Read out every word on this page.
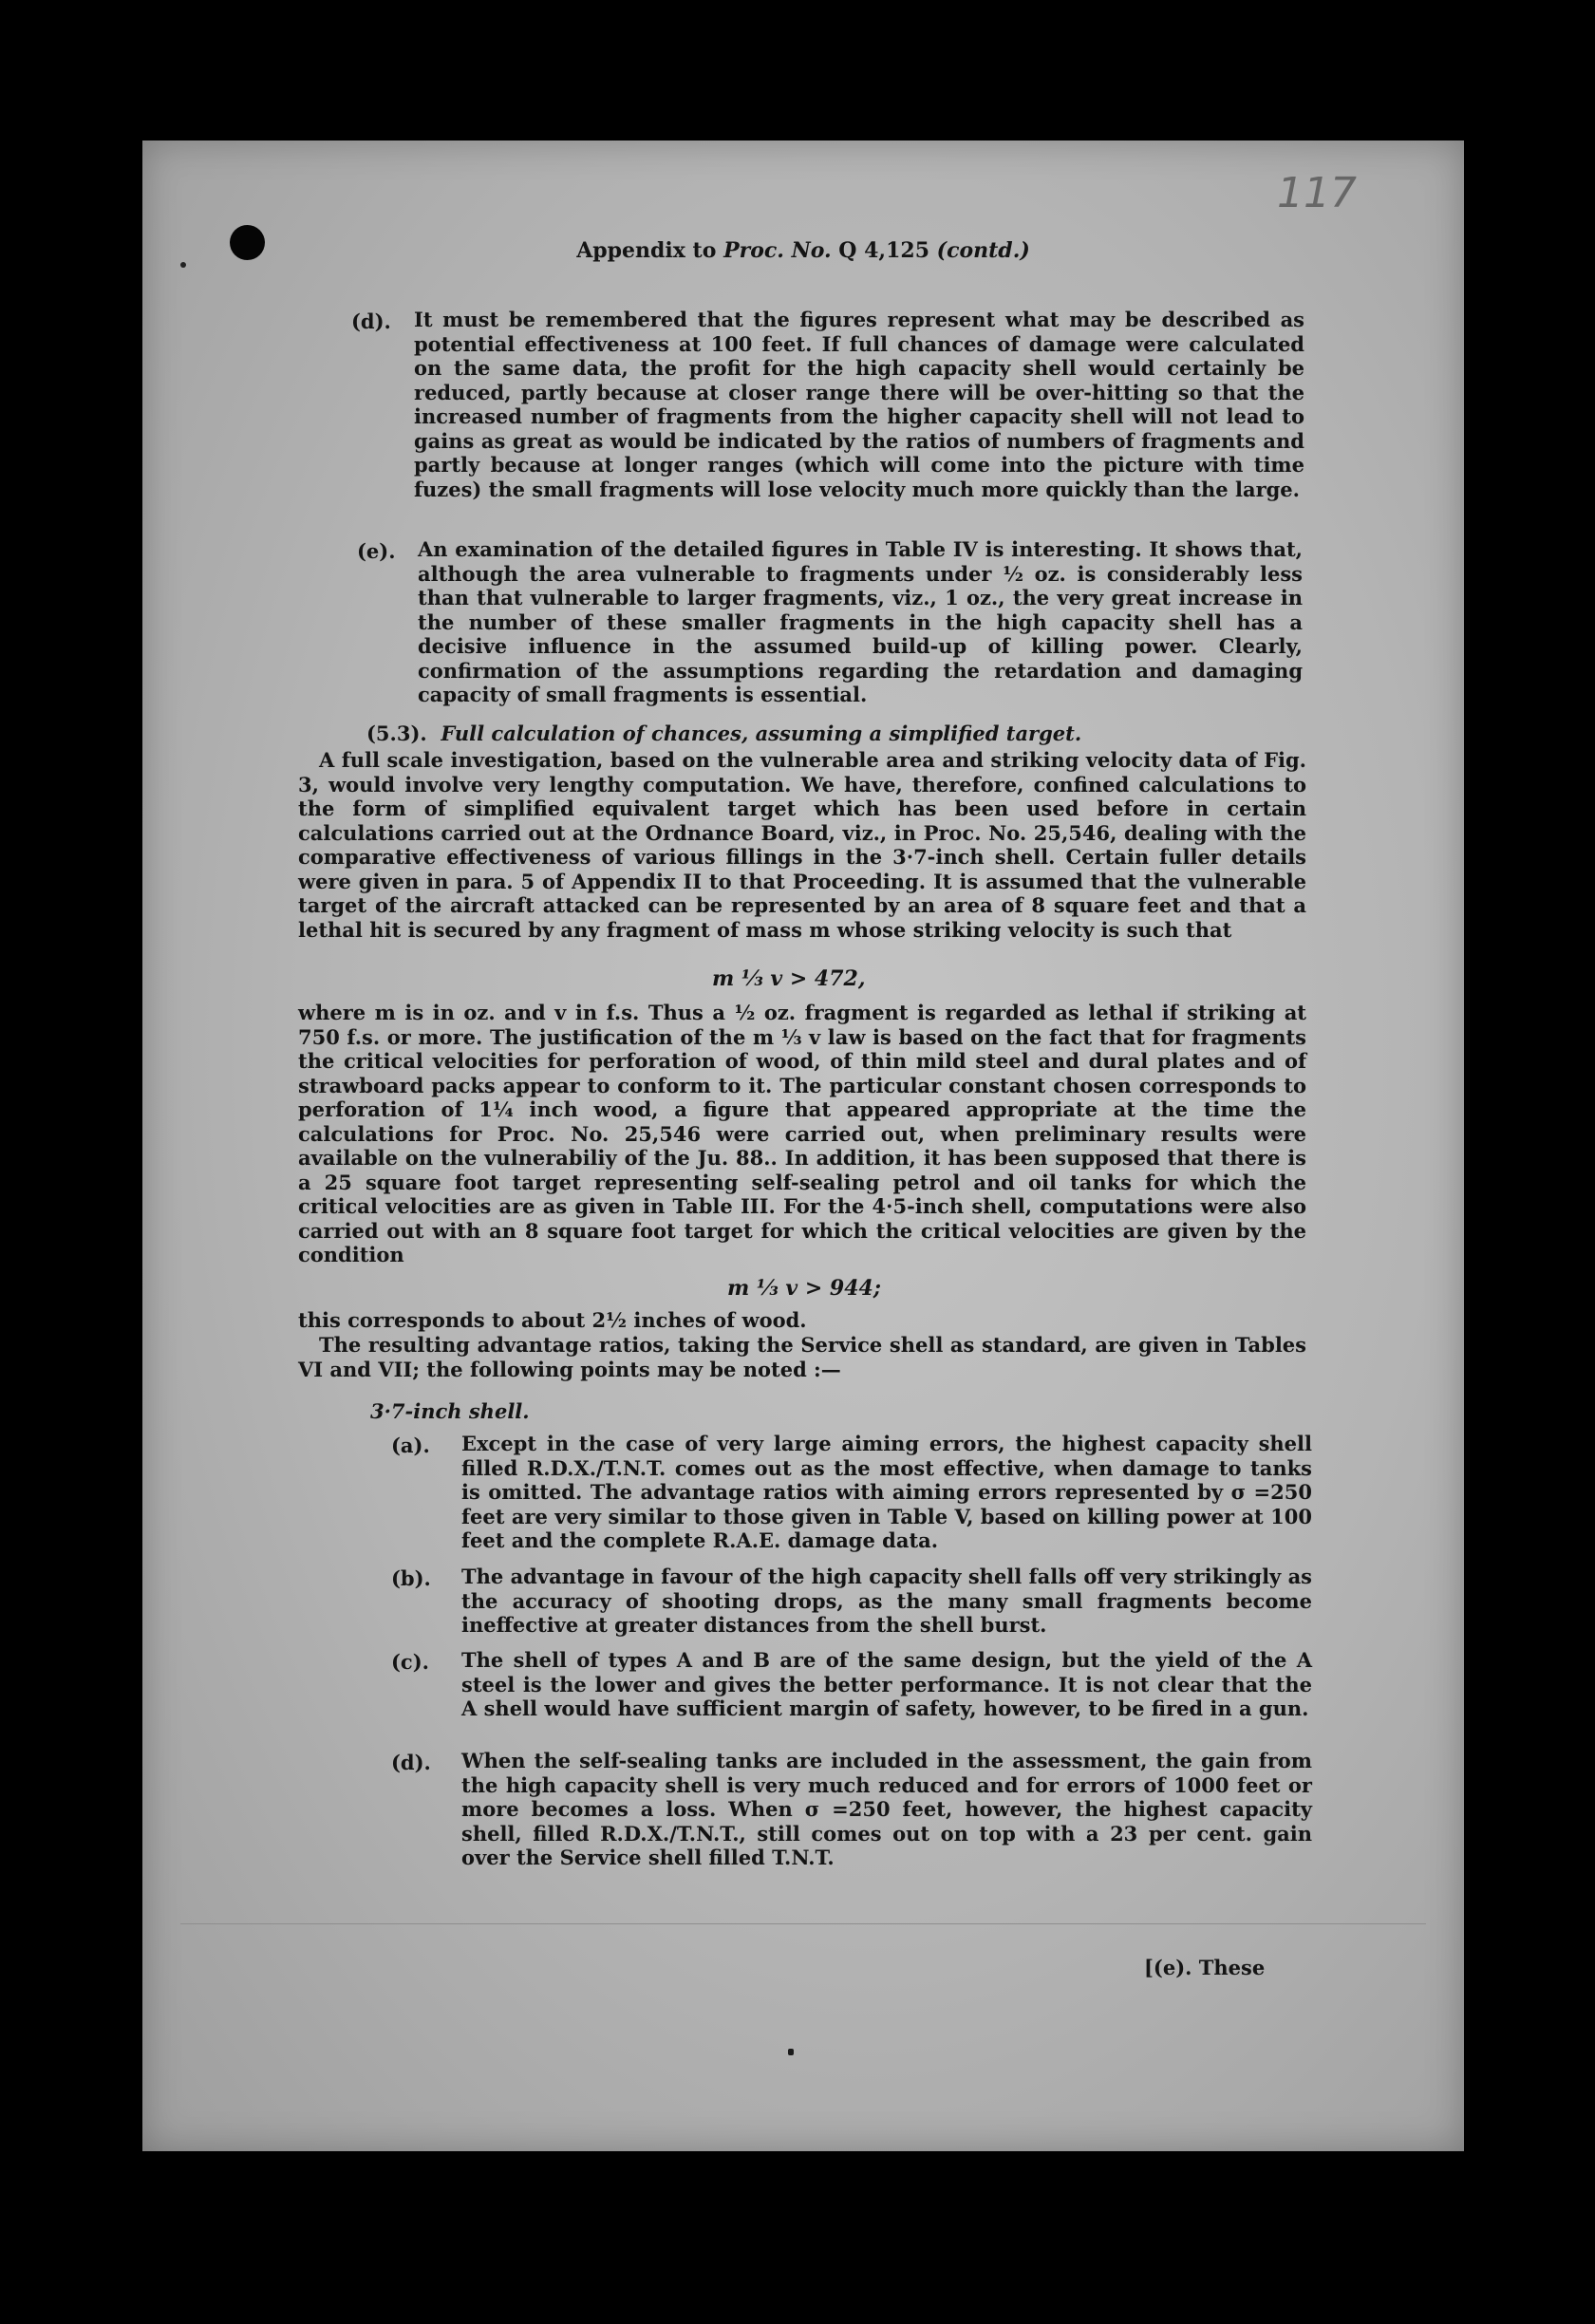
117
Appendix to Proc. No. Q 4,125 (contd.)
(d). It must be remembered that the figures represent what may be described as potential effectiveness at 100 feet. If full chances of damage were calculated on the same data, the profit for the high capacity shell would certainly be reduced, partly because at closer range there will be over-hitting so that the increased number of fragments from the higher capacity shell will not lead to gains as great as would be indicated by the ratios of numbers of fragments and partly because at longer ranges (which will come into the picture with time fuzes) the small fragments will lose velocity much more quickly than the large.
(e). An examination of the detailed figures in Table IV is interesting. It shows that, although the area vulnerable to fragments under ½ oz. is considerably less than that vulnerable to larger fragments, viz., 1 oz., the very great increase in the number of these smaller fragments in the high capacity shell has a decisive influence in the assumed build-up of killing power. Clearly, confirmation of the assumptions regarding the retardation and damaging capacity of small fragments is essential.
(5.3). Full calculation of chances, assuming a simplified target.
A full scale investigation, based on the vulnerable area and striking velocity data of Fig. 3, would involve very lengthy computation. We have, therefore, confined calculations to the form of simplified equivalent target which has been used before in certain calculations carried out at the Ordnance Board, viz., in Proc. No. 25,546, dealing with the comparative effectiveness of various fillings in the 3·7-inch shell. Certain fuller details were given in para. 5 of Appendix II to that Proceeding. It is assumed that the vulnerable target of the aircraft attacked can be represented by an area of 8 square feet and that a lethal hit is secured by any fragment of mass m whose striking velocity is such that
m ⅓ v > 472,
where m is in oz. and v in f.s. Thus a ½ oz. fragment is regarded as lethal if striking at 750 f.s. or more. The justification of the m ⅓ v law is based on the fact that for fragments the critical velocities for perforation of wood, of thin mild steel and dural plates and of strawboard packs appear to conform to it. The particular constant chosen corresponds to perforation of 1¼ inch wood, a figure that appeared appropriate at the time the calculations for Proc. No. 25,546 were carried out, when preliminary results were available on the vulnerabiliy of the Ju. 88.. In addition, it has been supposed that there is a 25 square foot target representing self-sealing petrol and oil tanks for which the critical velocities are as given in Table III. For the 4·5-inch shell, computations were also carried out with an 8 square foot target for which the critical velocities are given by the condition
m ⅓ v > 944;
this corresponds to about 2½ inches of wood.
The resulting advantage ratios, taking the Service shell as standard, are given in Tables VI and VII; the following points may be noted :—
3·7-inch shell.
(a). Except in the case of very large aiming errors, the highest capacity shell filled R.D.X./T.N.T. comes out as the most effective, when damage to tanks is omitted. The advantage ratios with aiming errors represented by σ =250 feet are very similar to those given in Table V, based on killing power at 100 feet and the complete R.A.E. damage data.
(b). The advantage in favour of the high capacity shell falls off very strikingly as the accuracy of shooting drops, as the many small fragments become ineffective at greater distances from the shell burst.
(c). The shell of types A and B are of the same design, but the yield of the A steel is the lower and gives the better performance. It is not clear that the A shell would have sufficient margin of safety, however, to be fired in a gun.
(d). When the self-sealing tanks are included in the assessment, the gain from the high capacity shell is very much reduced and for errors of 1000 feet or more becomes a loss. When σ =250 feet, however, the highest capacity shell, filled R.D.X./T.N.T., still comes out on top with a 23 per cent. gain over the Service shell filled T.N.T.
[(e). These
